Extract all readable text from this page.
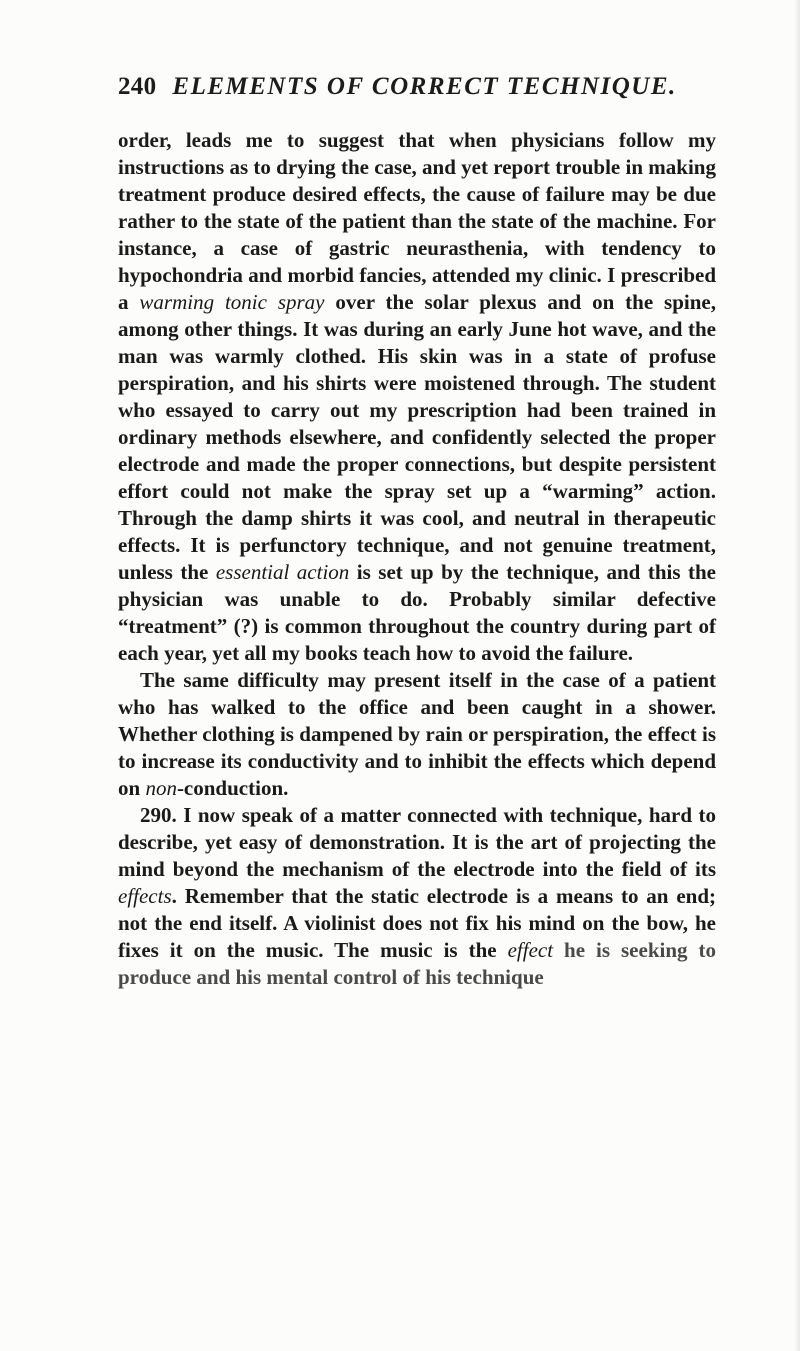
240 ELEMENTS OF CORRECT TECHNIQUE.

order, leads me to suggest that when physicians follow my instructions as to drying the case, and yet report trouble in making treatment produce desired effects, the cause of failure may be due rather to the state of the patient than the state of the machine. For instance, a case of gastric neurasthenia, with tendency to hypochondria and morbid fancies, attended my clinic. I prescribed a warming tonic spray over the solar plexus and on the spine, among other things. It was during an early June hot wave, and the man was warmly clothed. His skin was in a state of profuse perspiration, and his shirts were moistened through. The student who essayed to carry out my prescription had been trained in ordinary methods elsewhere, and confidently selected the proper electrode and made the proper connections, but despite persistent effort could not make the spray set up a “warming” action. Through the damp shirts it was cool, and neutral in therapeutic effects. It is perfunctory technique, and not genuine treatment, unless the essential action is set up by the technique, and this the physician was unable to do. Probably similar defective “treatment” (?) is common throughout the country during part of each year, yet all my books teach how to avoid the failure.

The same difficulty may present itself in the case of a patient who has walked to the office and been caught in a shower. Whether clothing is dampened by rain or perspiration, the effect is to increase its conductivity and to inhibit the effects which depend on non-conduction.

290. I now speak of a matter connected with technique, hard to describe, yet easy of demonstration. It is the art of projecting the mind beyond the mechanism of the electrode into the field of its effects. Remember that the static electrode is a means to an end; not the end itself. A violinist does not fix his mind on the bow, he fixes it on the music. The music is the effect he is seeking to produce and his mental control of his technique
